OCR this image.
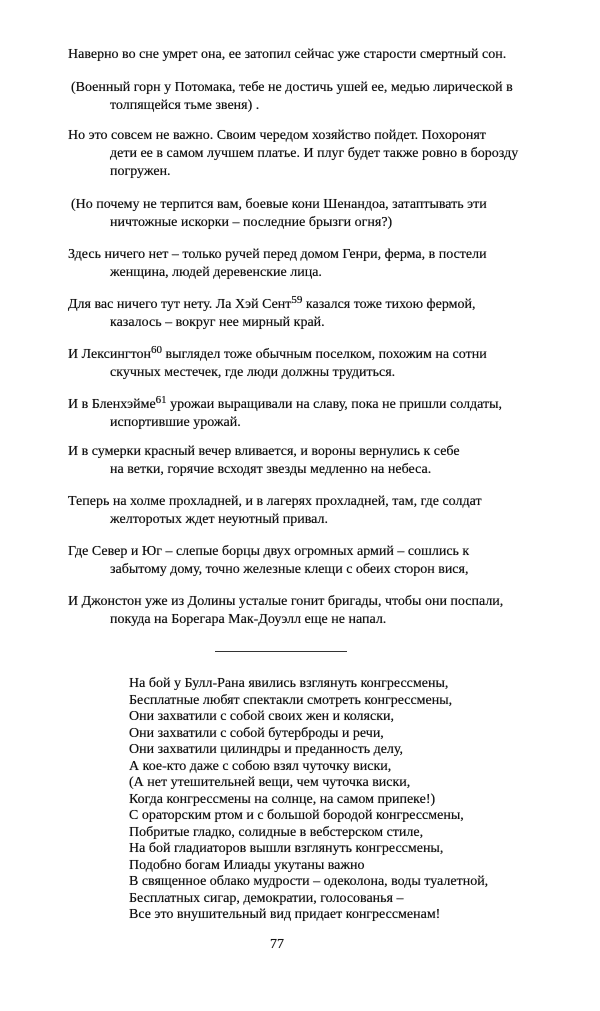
Наверно во сне умрет она, ее затопил сейчас уже старости смертный сон.
(Военный горн у Потомака, тебе не достичь ушей ее, медью лирической в
толпящейся тьме звеня) .
Но это совсем не важно. Своим чередом хозяйство пойдет. Похоронят
дети ее в самом лучшем платье. И плуг будет также ровно в борозду
погружен.
(Но почему не терпится вам, боевые кони Шенандоа, затаптывать эти
ничтожные искорки – последние брызги огня?)
Здесь ничего нет – только ручей перед домом Генри, ферма, в постели
женщина, людей деревенские лица.
Для вас ничего тут нету. Ла Хэй Сент$^{59}$ казался тоже тихою фермой,
казалось – вокруг нее мирный край.
И Лексингтон$^{60}$ выглядел тоже обычным поселком, похожим на сотни
скучных местечек, где люди должны трудиться.
И в Бленхэйме$^{61}$ урожаи выращивали на славу, пока не пришли солдаты,
испортившие урожай.
И в сумерки красный вечер вливается, и вороны вернулись к себе
на ветки, горячие всходят звезды медленно на небеса.
Теперь на холме прохладней, и в лагерях прохладней, там, где солдат
желторотых ждет неуютный привал.
Где Север и Юг – слепые борцы двух огромных армий – сошлись к
забытому дому, точно железные клещи с обеих сторон вися,
И Джонстон уже из Долины усталые гонит бригады, чтобы они поспали,
покуда на Борегара Мак-Доуэлл еще не напал.
На бой у Булл-Рана явились взглянуть конгрессмены,
Бесплатные любят спектакли смотреть конгрессмены,
Они захватили с собой своих жен и коляски,
Они захватили с собой бутерброды и речи,
Они захватили цилиндры и преданность делу,
А кое-кто даже с собою взял чуточку виски,
(А нет утешительней вещи, чем чуточка виски,
Когда конгрессмены на солнце, на самом припеке!)
С ораторским ртом и с большой бородой конгрессмены,
Побритые гладко, солидные в вебстерском стиле,
На бой гладиаторов вышли взглянуть конгрессмены,
Подобно богам Илиады укутаны важно
В священное облако мудрости – одеколона, воды туалетной,
Бесплатных сигар, демократии, голосованья –
Все это внушительный вид придает конгрессменам!
77
